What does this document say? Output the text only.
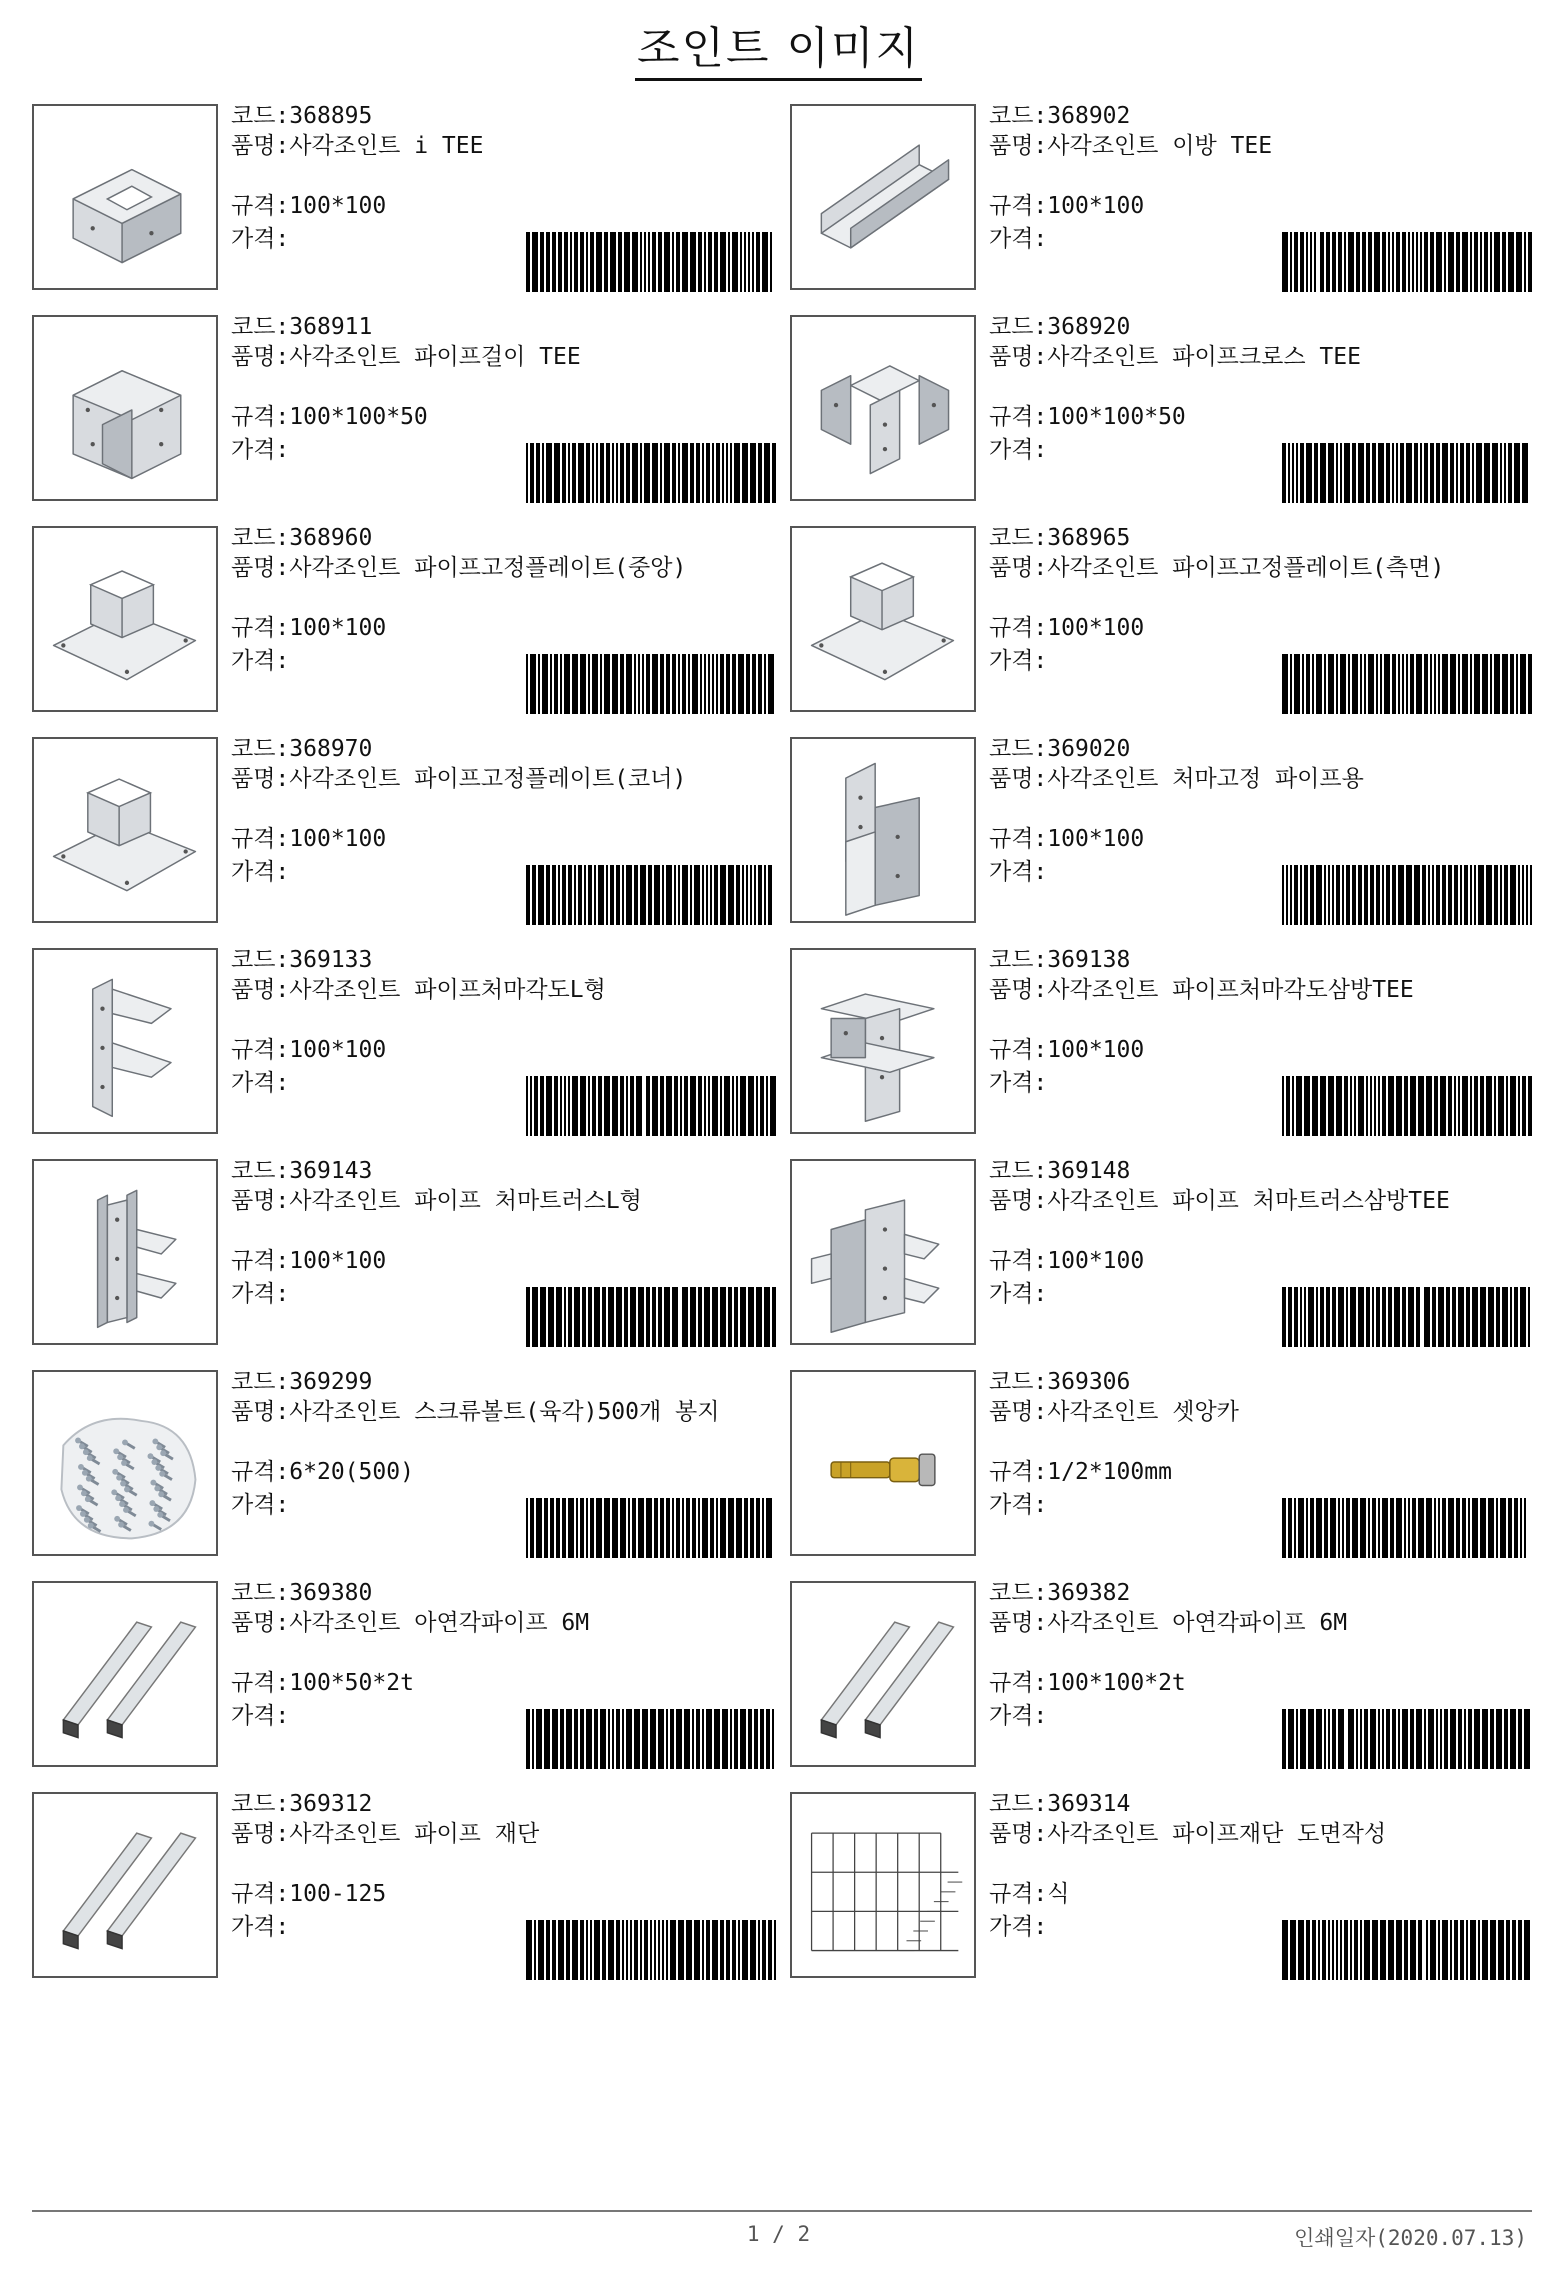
조인트 이미지
코드: 368895
품명: 사각조인트 i TEE
규격: 100*100
가격:
코드: 368902
품명: 사각조인트 이방 TEE
규격: 100*100
가격:
코드: 368911
품명: 사각조인트 파이프걸이 TEE
규격: 100*100*50
가격:
코드: 368920
품명: 사각조인트 파이프크로스 TEE
규격: 100*100*50
가격:
코드: 368960
품명: 사각조인트 파이프고정플레이트(중앙)
규격: 100*100
가격:
코드: 368965
품명: 사각조인트 파이프고정플레이트(측면)
규격: 100*100
가격:
코드: 368970
품명: 사각조인트 파이프고정플레이트(코너)
규격: 100*100
가격:
코드: 369020
품명: 사각조인트 처마고정 파이프용
규격: 100*100
가격:
코드: 369133
품명: 사각조인트 파이프처마각도L형
규격: 100*100
가격:
코드: 369138
품명: 사각조인트 파이프처마각도삼방TEE
규격: 100*100
가격:
코드: 369143
품명: 사각조인트 파이프 처마트러스L형
규격: 100*100
가격:
코드: 369148
품명: 사각조인트 파이프 처마트러스삼방TEE
규격: 100*100
가격:
코드: 369299
품명: 사각조인트 스크류볼트(육각)500개 봉지
규격: 6*20(500)
가격:
코드: 369306
품명: 사각조인트 셋앙카
규격: 1/2*100mm
가격:
코드: 369380
품명: 사각조인트 아연각파이프 6M
규격: 100*50*2t
가격:
코드: 369382
품명: 사각조인트 아연각파이프 6M
규격: 100*100*2t
가격:
코드: 369312
품명: 사각조인트 파이프 재단
규격: 100-125
가격:
코드: 369314
품명: 사각조인트 파이프재단 도면작성
규격: 식
가격:
1 / 2	인쇄일자(2020.07.13)
